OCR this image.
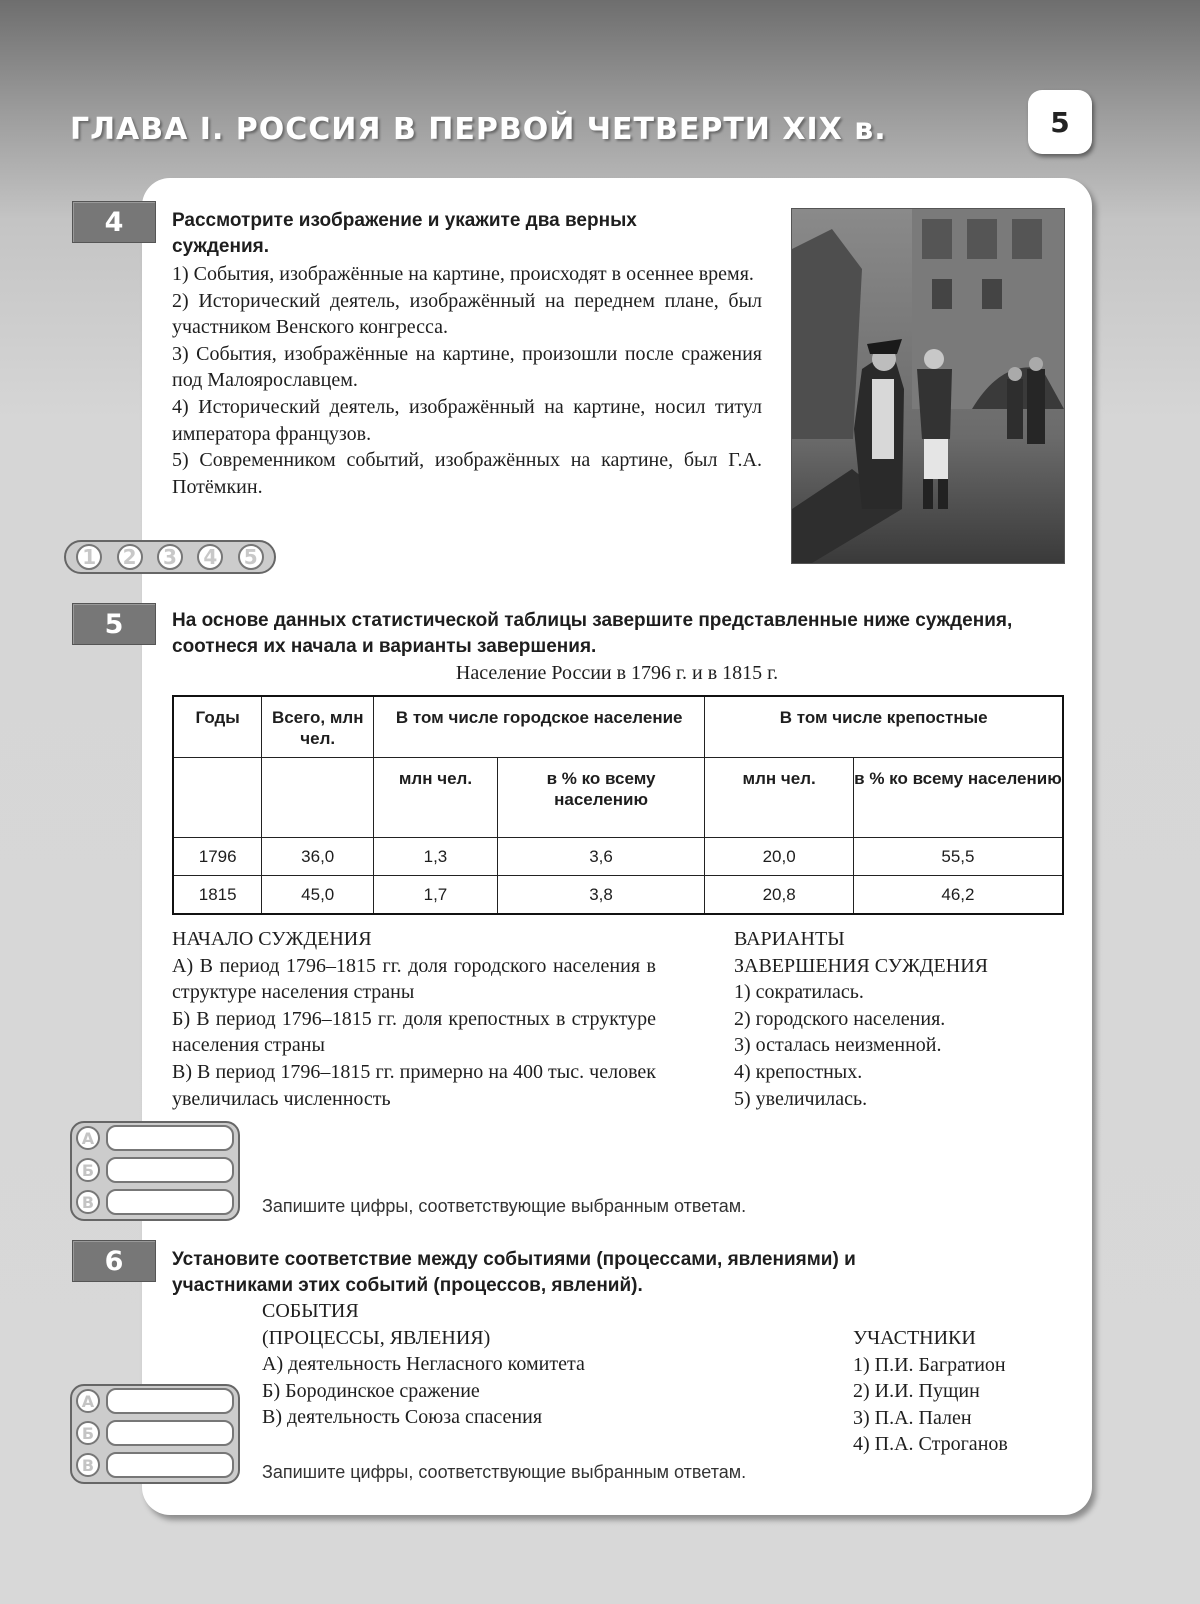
ГЛАВА I. РОССИЯ В ПЕРВОЙ ЧЕТВЕРТИ XIX в.	5
4	Рассмотрите изображение и укажите два верных суждения.
1) События, изображённые на картине, происходят в осеннее время.
2) Исторический деятель, изображённый на переднем плане, был участником Венского конгресса.
3) События, изображённые на картине, произошли после сражения под Малоярославцем.
4) Исторический деятель, изображённый на картине, носил титул императора французов.
5) Современником событий, изображённых на картине, был Г.А. Потёмкин.
1	2	3	4	5
5	На основе данных статистической таблицы завершите представленные ниже суждения, соотнеся их начала и варианты завершения.
Население России в 1796 г. и в 1815 г.
Годы	Всего, млн чел.	В том числе городское население		В том числе крепостные	
		млн чел.	в % ко всему населению	млн чел.	в % ко всему населению
1796	36,0	1,3	3,6	20,0	55,5
1815	45,0	1,7	3,8	20,8	46,2
НАЧАЛО СУЖДЕНИЯ
А) В период 1796–1815 гг. доля городского населения в структуре населения страны
Б) В период 1796–1815 гг. доля крепостных в структуре населения страны
В) В период 1796–1815 гг. примерно на 400 тыс. человек увеличилась численность
ВАРИАНТЫ
ЗАВЕРШЕНИЯ СУЖДЕНИЯ
1) сократилась.
2) городского населения.
3) осталась неизменной.
4) крепостных.
5) увеличилась.
А
Б
В	Запишите цифры, соответствующие выбранным ответам.
6	Установите соответствие между событиями (процессами, явлениями) и участниками этих событий (процессов, явлений).
СОБЫТИЯ
(ПРОЦЕССЫ, ЯВЛЕНИЯ)
А) деятельность Негласного комитета
Б) Бородинское сражение
В) деятельность Союза спасения
УЧАСТНИКИ
1) П.И. Багратион
2) И.И. Пущин
3) П.А. Пален
4) П.А. Строганов
А
Б
В	Запишите цифры, соответствующие выбранным ответам.
